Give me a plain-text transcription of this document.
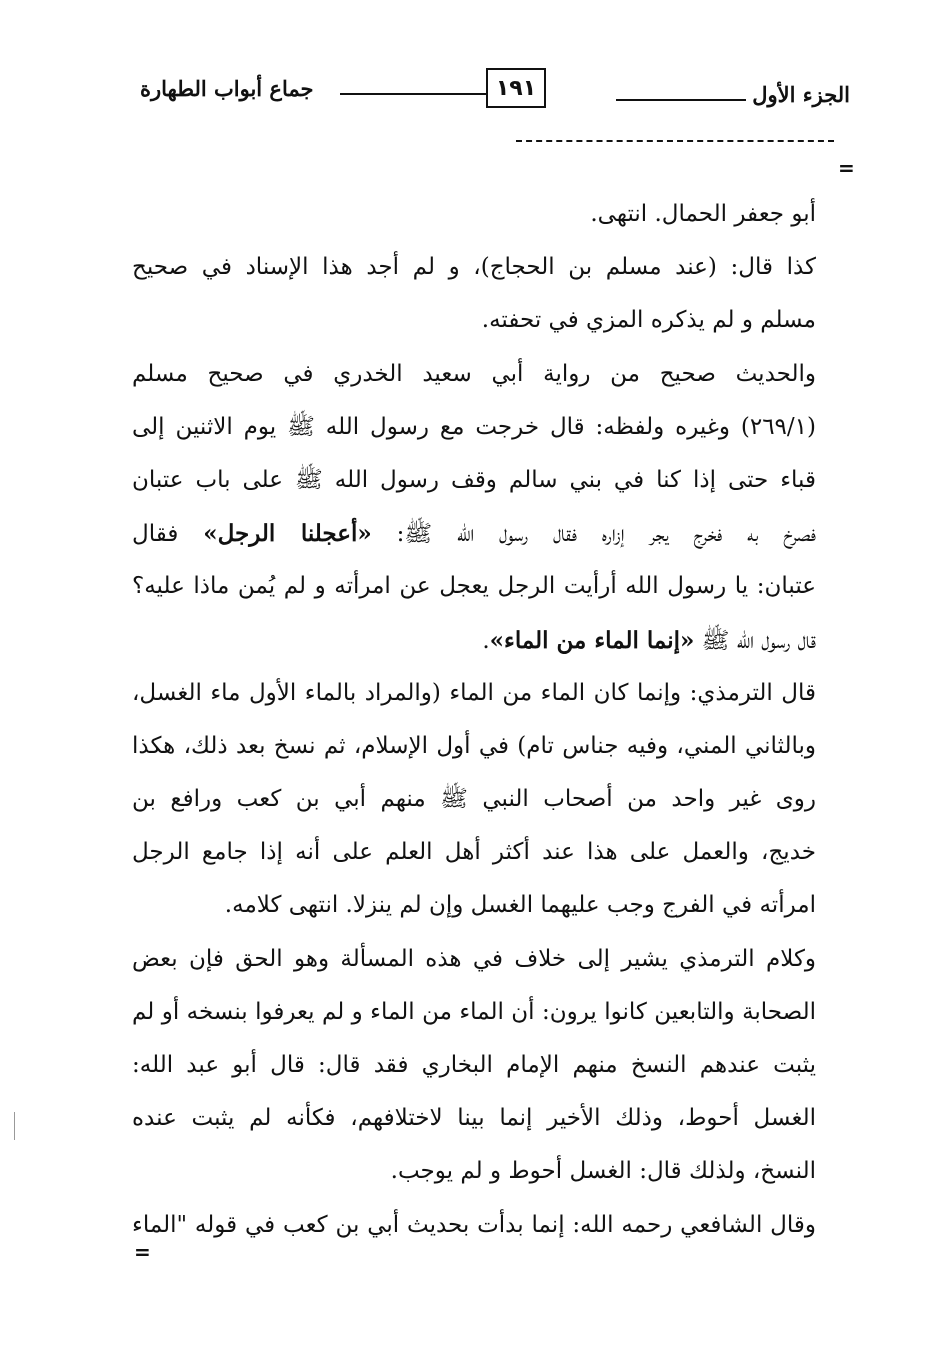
الجزء الأول
١٩١
جماع أبواب الطهارة
=
أبو جعفر الحمال. انتهى.
كذا قال: (عند مسلم بن الحجاج)، و لم أجد هذا الإسناد في صحيح
مسلم و لم يذكره المزي في تحفته.
والحديث صحيح من رواية أبي سعيد الخدري في صحيح مسلم
(٢٦٩/١) وغيره ولفظه: قال خرجت مع رسول الله ﷺ يوم الاثنين إلى
قباء حتى إذا كنا في بني سالم وقف رسول الله ﷺ على باب عتبان
فصرخ به فخرج يجر إزاره فقال رسول الله ﷺ: «أعجلنا الرجل» فقال
عتبان: يا رسول الله أرأيت الرجل يعجل عن امرأته و لم يُمن ماذا عليه؟
قال رسول الله ﷺ «إنما الماء من الماء».
قال الترمذي: وإنما كان الماء من الماء (والمراد بالماء الأول ماء الغسل،
وبالثاني المني، وفيه جناس تام) في أول الإسلام، ثم نسخ بعد ذلك، هكذا
روى غير واحد من أصحاب النبي ﷺ منهم أبي بن كعب ورافع بن
خديج، والعمل على هذا عند أكثر أهل العلم على أنه إذا جامع الرجل
امرأته في الفرج وجب عليهما الغسل وإن لم ينزلا. انتهى كلامه.
وكلام الترمذي يشير إلى خلاف في هذه المسألة وهو الحق فإن بعض
الصحابة والتابعين كانوا يرون: أن الماء من الماء و لم يعرفوا بنسخه أو لم
يثبت عندهم النسخ منهم الإمام البخاري فقد قال: قال أبو عبد الله:
الغسل أحوط، وذلك الأخير إنما بينا لاختلافهم، فكأنه لم يثبت عنده
النسخ، ولذلك قال: الغسل أحوط و لم يوجب.
وقال الشافعي رحمه الله: إنما بدأت بحديث أبي بن كعب في قوله "الماء
=
